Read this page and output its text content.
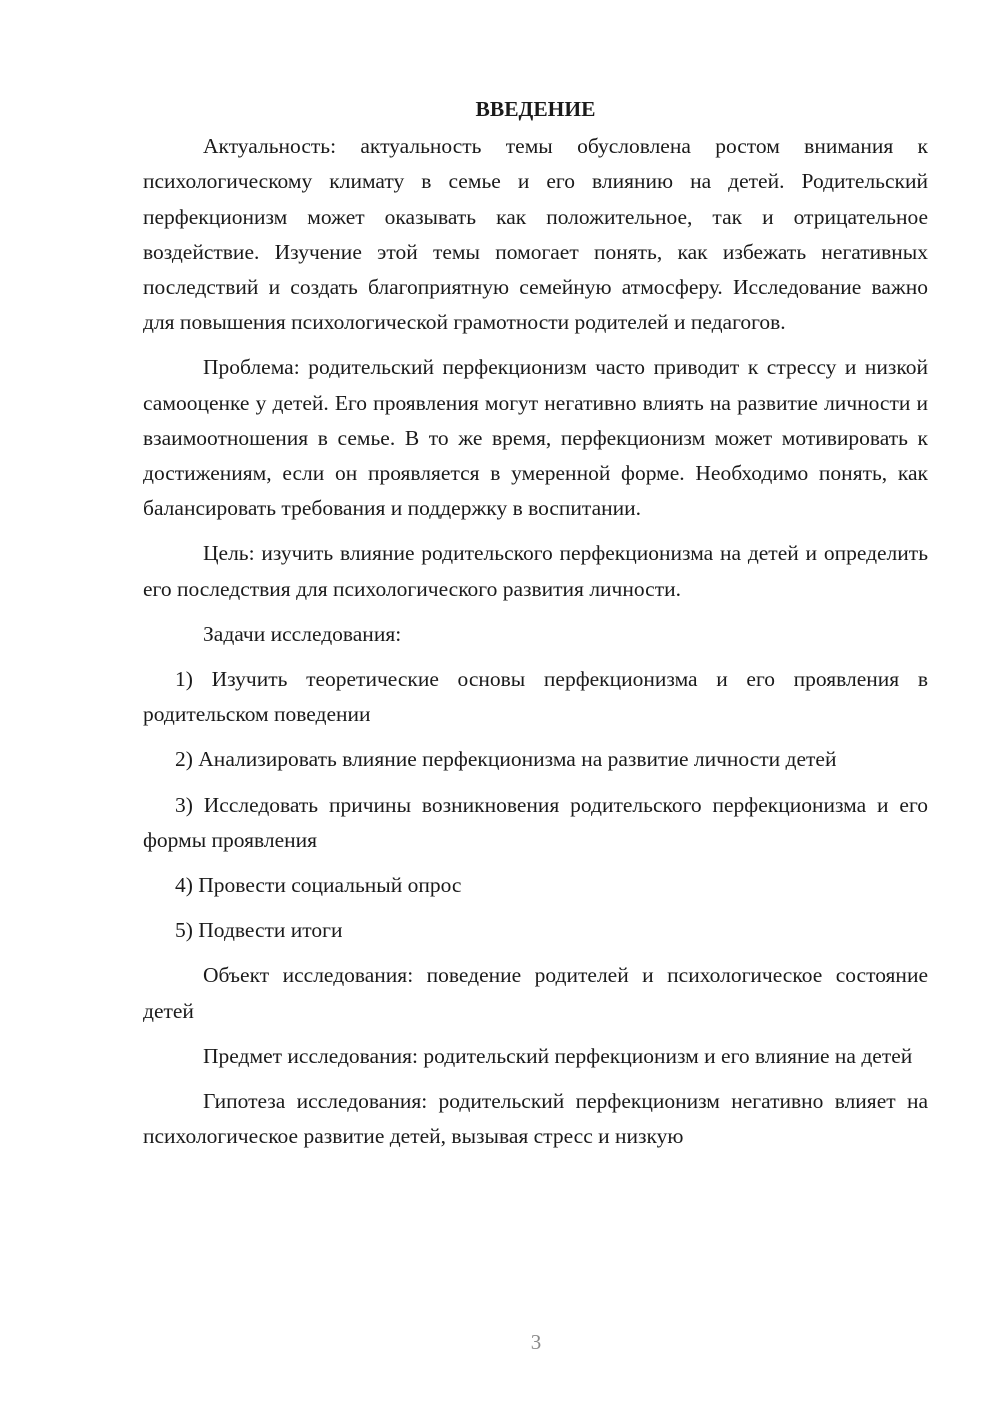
ВВЕДЕНИЕ

Актуальность: актуальность темы обусловлена ростом внимания к психологическому климату в семье и его влиянию на детей. Родительский перфекционизм может оказывать как положительное, так и отрицательное воздействие. Изучение этой темы помогает понять, как избежать негативных последствий и создать благоприятную семейную атмосферу. Исследование важно для повышения психологической грамотности родителей и педагогов.

Проблема: родительский перфекционизм часто приводит к стрессу и низкой самооценке у детей. Его проявления могут негативно влиять на развитие личности и взаимоотношения в семье. В то же время, перфекционизм может мотивировать к достижениям, если он проявляется в умеренной форме. Необходимо понять, как балансировать требования и поддержку в воспитании.

Цель: изучить влияние родительского перфекционизма на детей и определить его последствия для психологического развития личности.

Задачи исследования:

1) Изучить теоретические основы перфекционизма и его проявления в родительском поведении

2) Анализировать влияние перфекционизма на развитие личности детей

3) Исследовать причины возникновения родительского перфекционизма и его формы проявления

4) Провести социальный опрос

5) Подвести итоги

Объект исследования: поведение родителей и психологическое состояние детей

Предмет исследования: родительский перфекционизм и его влияние на детей

Гипотеза исследования: родительский перфекционизм негативно влияет на психологическое развитие детей, вызывая стресс и низкую

3
